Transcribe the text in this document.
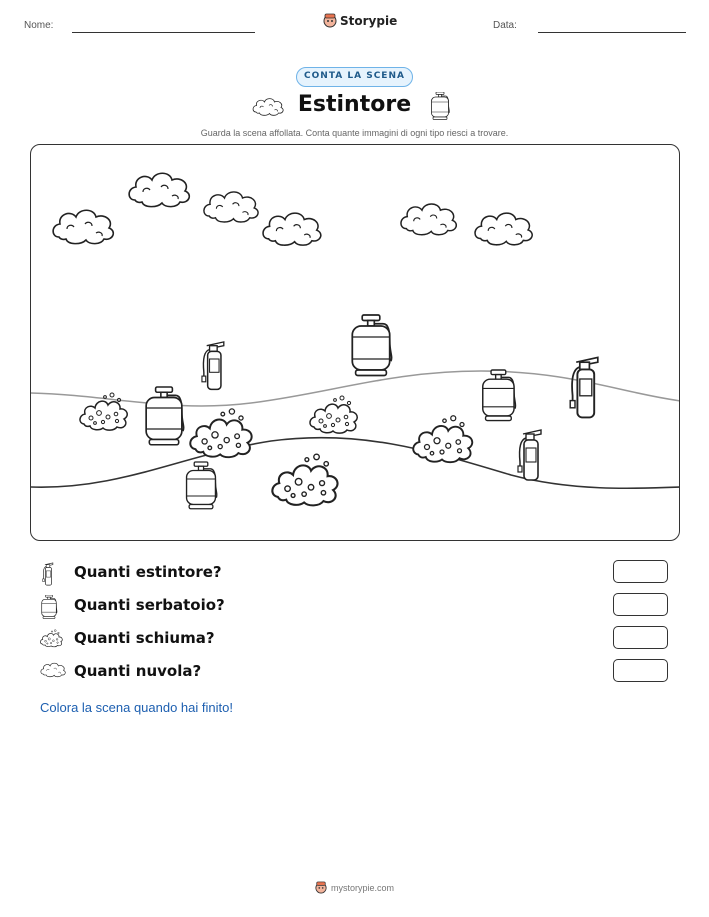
Nome:	Storypie	Data:
CONTA LA SCENA
Estintore
Guarda la scena affollata. Conta quante immagini di ogni tipo riesci a trovare.
Quanti estintore?
Quanti serbatoio?
Quanti schiuma?
Quanti nuvola?
Colora la scena quando hai finito!
mystorypie.com
